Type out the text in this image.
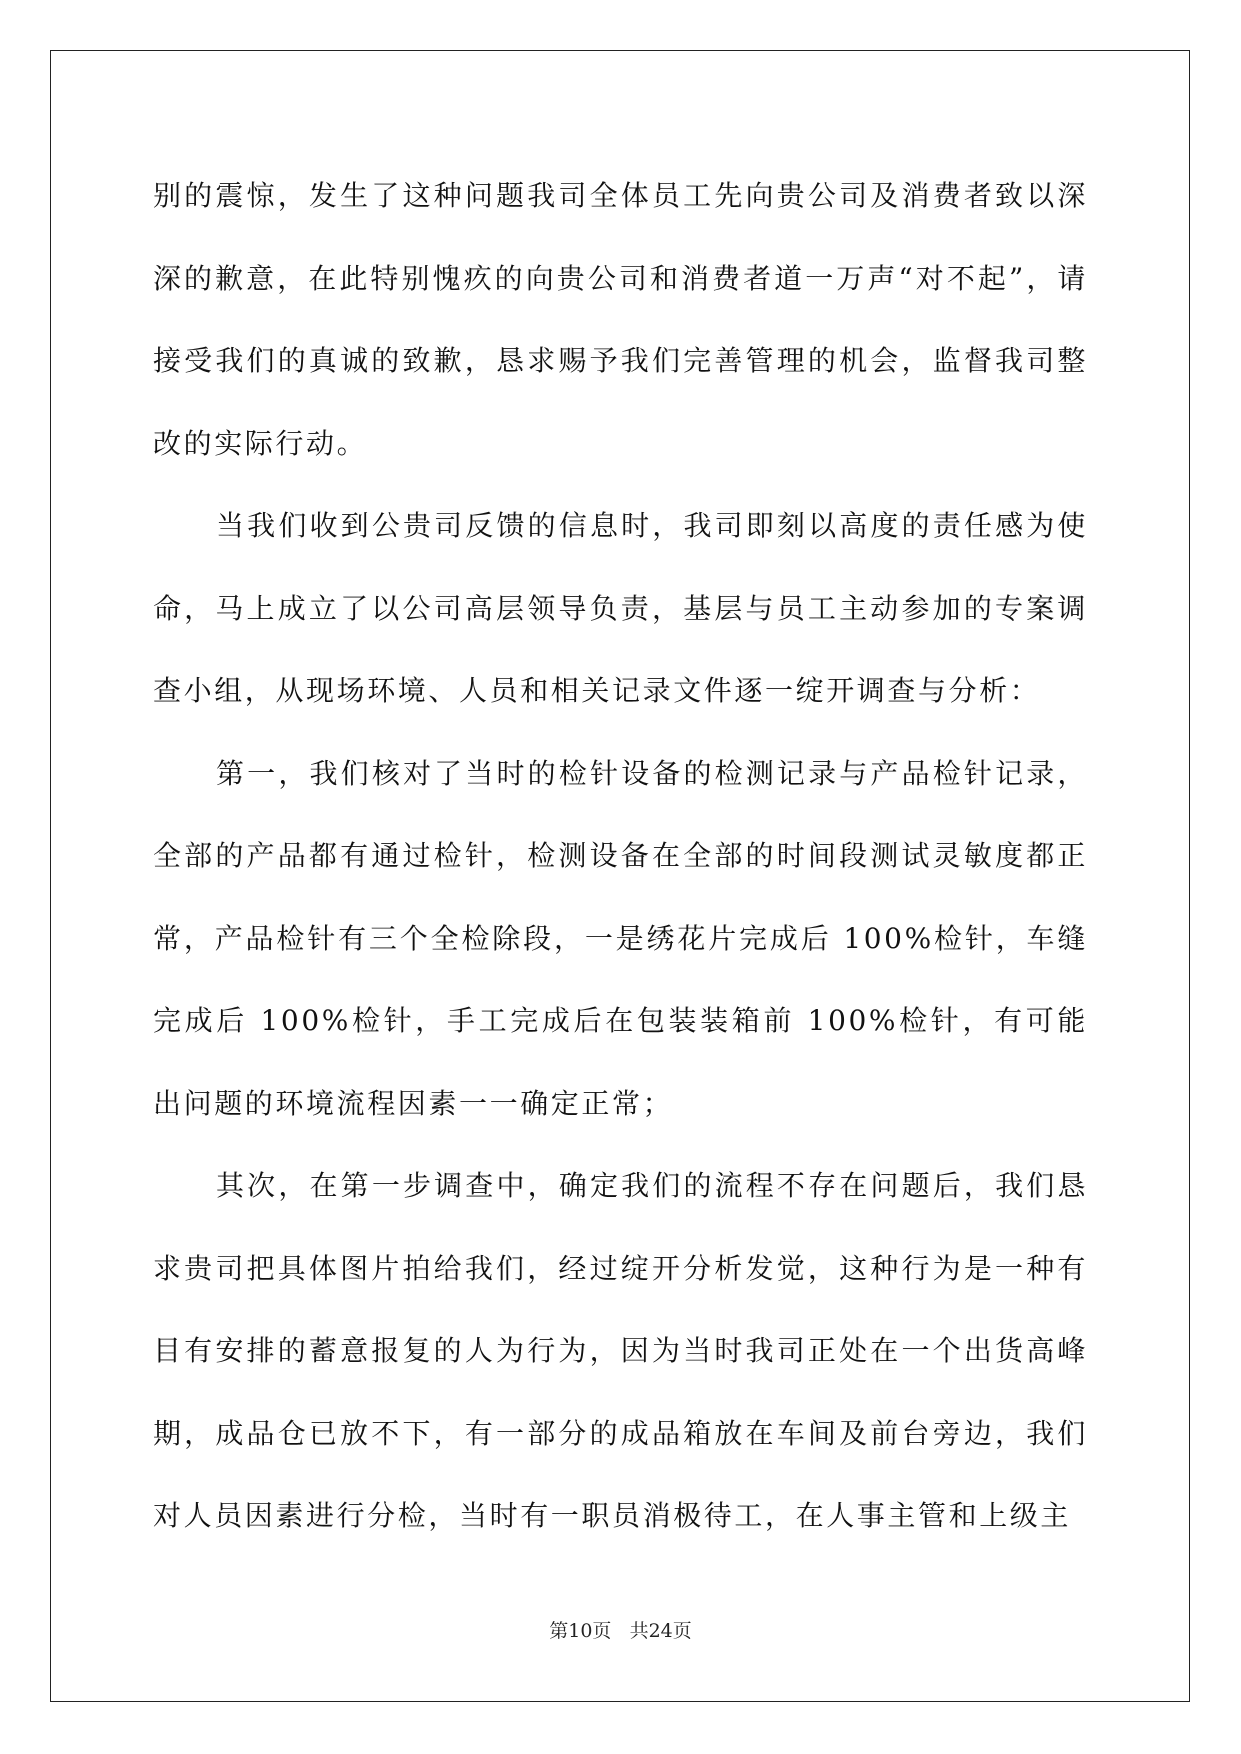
别的震惊，发生了这种问题我司全体员工先向贵公司及消费者致以深深的歉意，在此特别愧疚的向贵公司和消费者道一万声“对不起”，请接受我们的真诚的致歉，恳求赐予我们完善管理的机会，监督我司整改的实际行动。

当我们收到公贵司反馈的信息时，我司即刻以高度的责任感为使命，马上成立了以公司高层领导负责，基层与员工主动参加的专案调查小组，从现场环境、人员和相关记录文件逐一绽开调查与分析：

第一，我们核对了当时的检针设备的检测记录与产品检针记录，全部的产品都有通过检针，检测设备在全部的时间段测试灵敏度都正常，产品检针有三个全检除段，一是绣花片完成后 100%检针，车缝完成后 100%检针，手工完成后在包装装箱前 100%检针，有可能出问题的环境流程因素一一确定正常；

其次，在第一步调查中，确定我们的流程不存在问题后，我们恳求贵司把具体图片拍给我们，经过绽开分析发觉，这种行为是一种有目有安排的蓄意报复的人为行为，因为当时我司正处在一个出货高峰期，成品仓已放不下，有一部分的成品箱放在车间及前台旁边，我们对人员因素进行分检，当时有一职员消极待工，在人事主管和上级主

第10页 共24页
